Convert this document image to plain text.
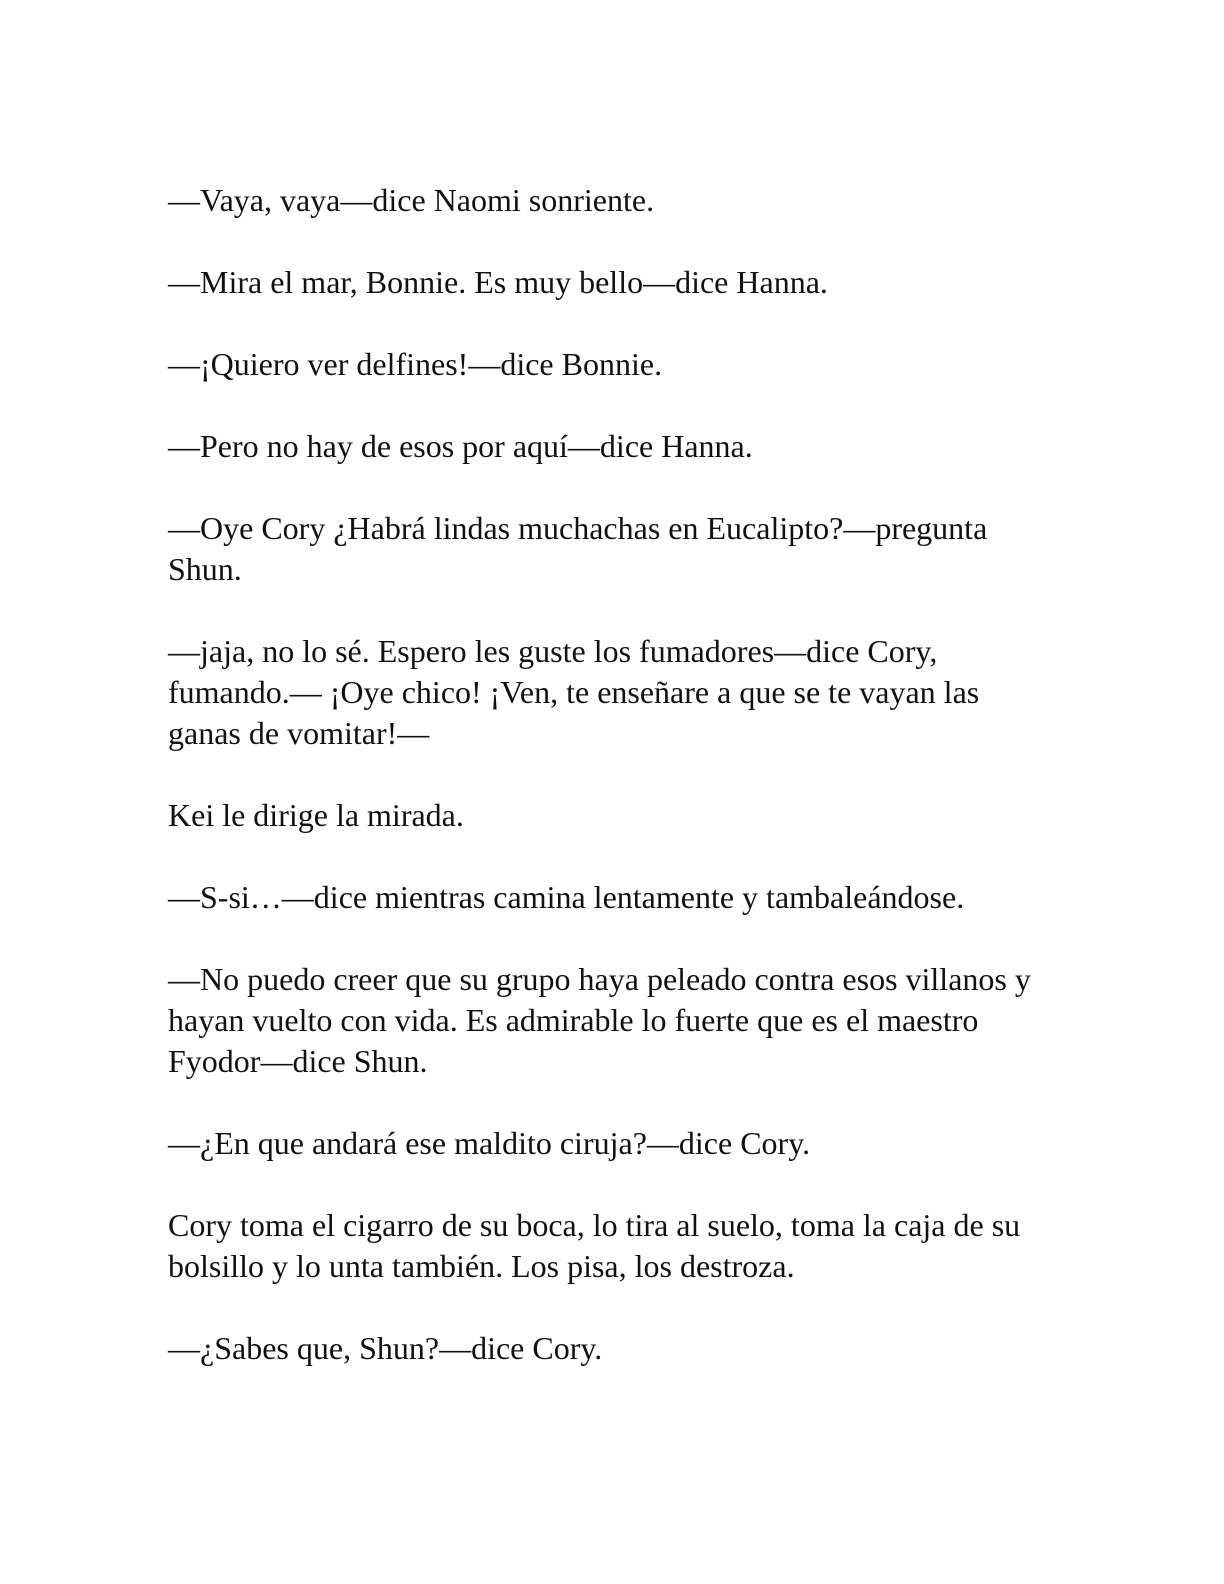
—Vaya, vaya—dice Naomi sonriente.

—Mira el mar, Bonnie. Es muy bello—dice Hanna.

—¡Quiero ver delfines!—dice Bonnie.

—Pero no hay de esos por aquí—dice Hanna.

—Oye Cory ¿Habrá lindas muchachas en Eucalipto?—pregunta Shun.

—jaja, no lo sé. Espero les guste los fumadores—dice Cory, fumando.— ¡Oye chico! ¡Ven, te enseñare a que se te vayan las ganas de vomitar!—

Kei le dirige la mirada.

—S-si…—dice mientras camina lentamente y tambaleándose.

—No puedo creer que su grupo haya peleado contra esos villanos y hayan vuelto con vida. Es admirable lo fuerte que es el maestro Fyodor—dice Shun.

—¿En que andará ese maldito ciruja?—dice Cory.

Cory toma el cigarro de su boca, lo tira al suelo, toma la caja de su bolsillo y lo unta también. Los pisa, los destroza.

—¿Sabes que, Shun?—dice Cory.
